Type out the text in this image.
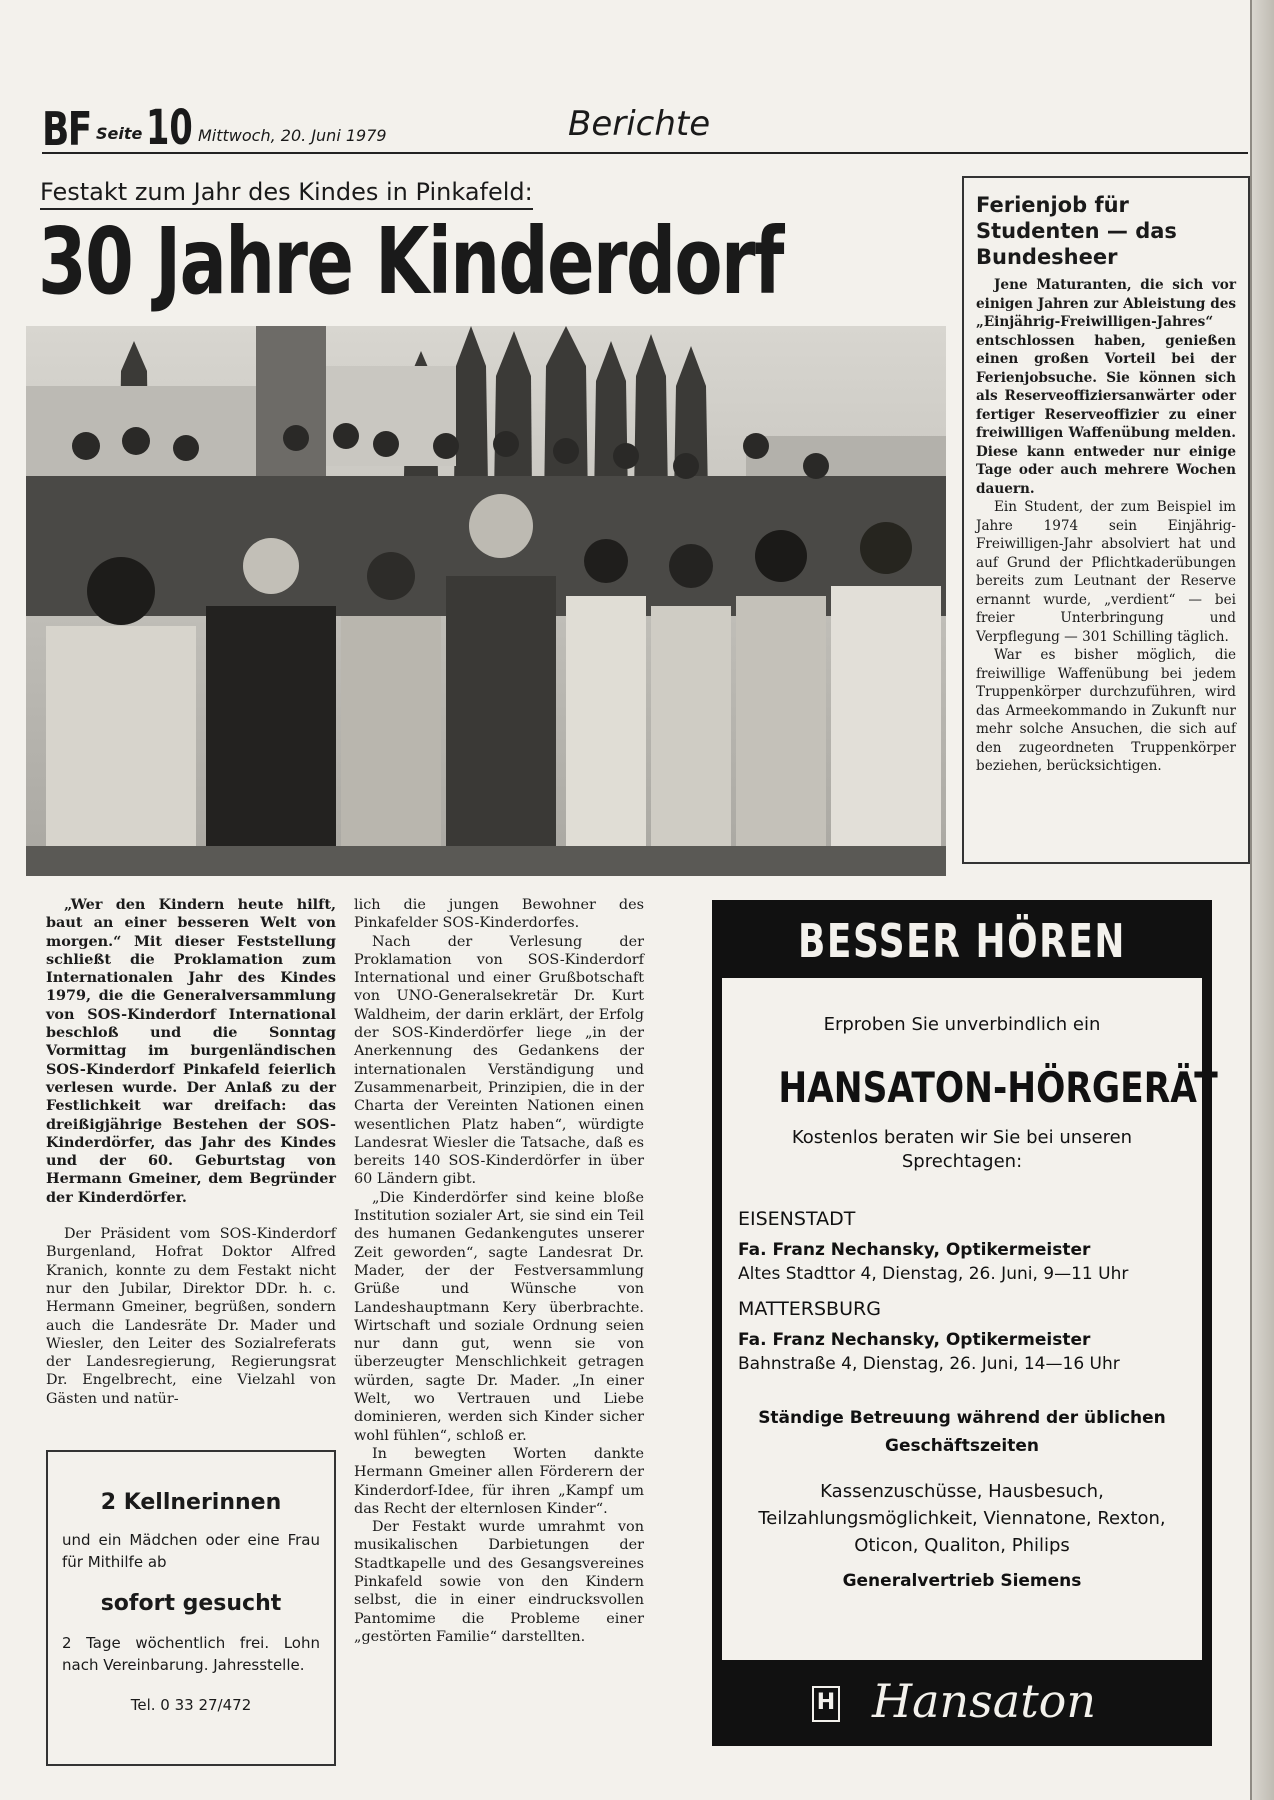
BF Seite 10 Mittwoch, 20. Juni 1979	Berichte
Festakt zum Jahr des Kindes in Pinkafeld:
30 Jahre Kinderdorf
Ferienjob für Studenten — das Bundesheer

Jene Maturanten, die sich vor einigen Jahren zur Ableistung des „Einjährig-Freiwilligen-Jahres“ entschlossen haben, genießen einen großen Vorteil bei der Ferienjobsuche. Sie können sich als Reserveoffiziersanwärter oder fertiger Reserveoffizier zu einer freiwilligen Waffenübung melden. Diese kann entweder nur einige Tage oder auch mehrere Wochen dauern.

Ein Student, der zum Beispiel im Jahre 1974 sein Einjährig-Freiwilligen-Jahr absolviert hat und auf Grund der Pflichtkaderübungen bereits zum Leutnant der Reserve ernannt wurde, „verdient“ — bei freier Unterbringung und Verpflegung — 301 Schilling täglich.

War es bisher möglich, die freiwillige Waffenübung bei jedem Truppenkörper durchzuführen, wird das Armeekommando in Zukunft nur mehr solche Ansuchen, die sich auf den zugeordneten Truppenkörper beziehen, berücksichtigen.

„Wer den Kindern heute hilft, baut an einer besseren Welt von morgen.“ Mit dieser Feststellung schließt die Proklamation zum Internationalen Jahr des Kindes 1979, die die Generalversammlung von SOS-Kinderdorf International beschloß und die Sonntag Vormittag im burgenländischen SOS-Kinderdorf Pinkafeld feierlich verlesen wurde. Der Anlaß zu der Festlichkeit war dreifach: das dreißigjährige Bestehen der SOS-Kinderdörfer, das Jahr des Kindes und der 60. Geburtstag von Hermann Gmeiner, dem Begründer der Kinderdörfer.

Der Präsident vom SOS-Kinderdorf Burgenland, Hofrat Doktor Alfred Kranich, konnte zu dem Festakt nicht nur den Jubilar, Direktor DDr. h. c. Hermann Gmeiner, begrüßen, sondern auch die Landesräte Dr. Mader und Wiesler, den Leiter des Sozialreferats der Landesregierung, Regierungsrat Dr. Engelbrecht, eine Vielzahl von Gästen und natür-

lich die jungen Bewohner des Pinkafelder SOS-Kinderdorfes.

Nach der Verlesung der Proklamation von SOS-Kinderdorf International und einer Grußbotschaft von UNO-Generalsekretär Dr. Kurt Waldheim, der darin erklärt, der Erfolg der SOS-Kinderdörfer liege „in der Anerkennung des Gedankens der internationalen Verständigung und Zusammenarbeit, Prinzipien, die in der Charta der Vereinten Nationen einen wesentlichen Platz haben“, würdigte Landesrat Wiesler die Tatsache, daß es bereits 140 SOS-Kinderdörfer in über 60 Ländern gibt.

„Die Kinderdörfer sind keine bloße Institution sozialer Art, sie sind ein Teil des humanen Gedankengutes unserer Zeit geworden“, sagte Landesrat Dr. Mader, der der Festversammlung Grüße und Wünsche von Landeshauptmann Kery überbrachte. Wirtschaft und soziale Ordnung seien nur dann gut, wenn sie von überzeugter Menschlichkeit getragen würden, sagte Dr. Mader. „In einer Welt, wo Vertrauen und Liebe dominieren, werden sich Kinder sicher wohl fühlen“, schloß er.

In bewegten Worten dankte Hermann Gmeiner allen Förderern der Kinderdorf-Idee, für ihren „Kampf um das Recht der elternlosen Kinder“.

Der Festakt wurde umrahmt von musikalischen Darbietungen der Stadtkapelle und des Gesangsvereines Pinkafeld sowie von den Kindern selbst, die in einer eindrucksvollen Pantomime die Probleme einer „gestörten Familie“ darstellten.

2 Kellnerinnen
und ein Mädchen oder eine Frau für Mithilfe ab
sofort gesucht
2 Tage wöchentlich frei. Lohn nach Vereinbarung. Jahresstelle.
Tel. 0 33 27/472
BESSER HÖREN
Erproben Sie unverbindlich ein
HANSATON-HÖRGERÄT
Kostenlos beraten wir Sie bei unseren Sprechtagen:
EISENSTADT
Fa. Franz Nechansky, Optikermeister
Altes Stadttor 4, Dienstag, 26. Juni, 9—11 Uhr
MATTERSBURG
Fa. Franz Nechansky, Optikermeister
Bahnstraße 4, Dienstag, 26. Juni, 14—16 Uhr
Ständige Betreuung während der üblichen Geschäftszeiten
Kassenzuschüsse, Hausbesuch, Teilzahlungsmöglichkeit, Viennatone, Rexton, Oticon, Qualiton, Philips
Generalvertrieb Siemens
H Hansaton
